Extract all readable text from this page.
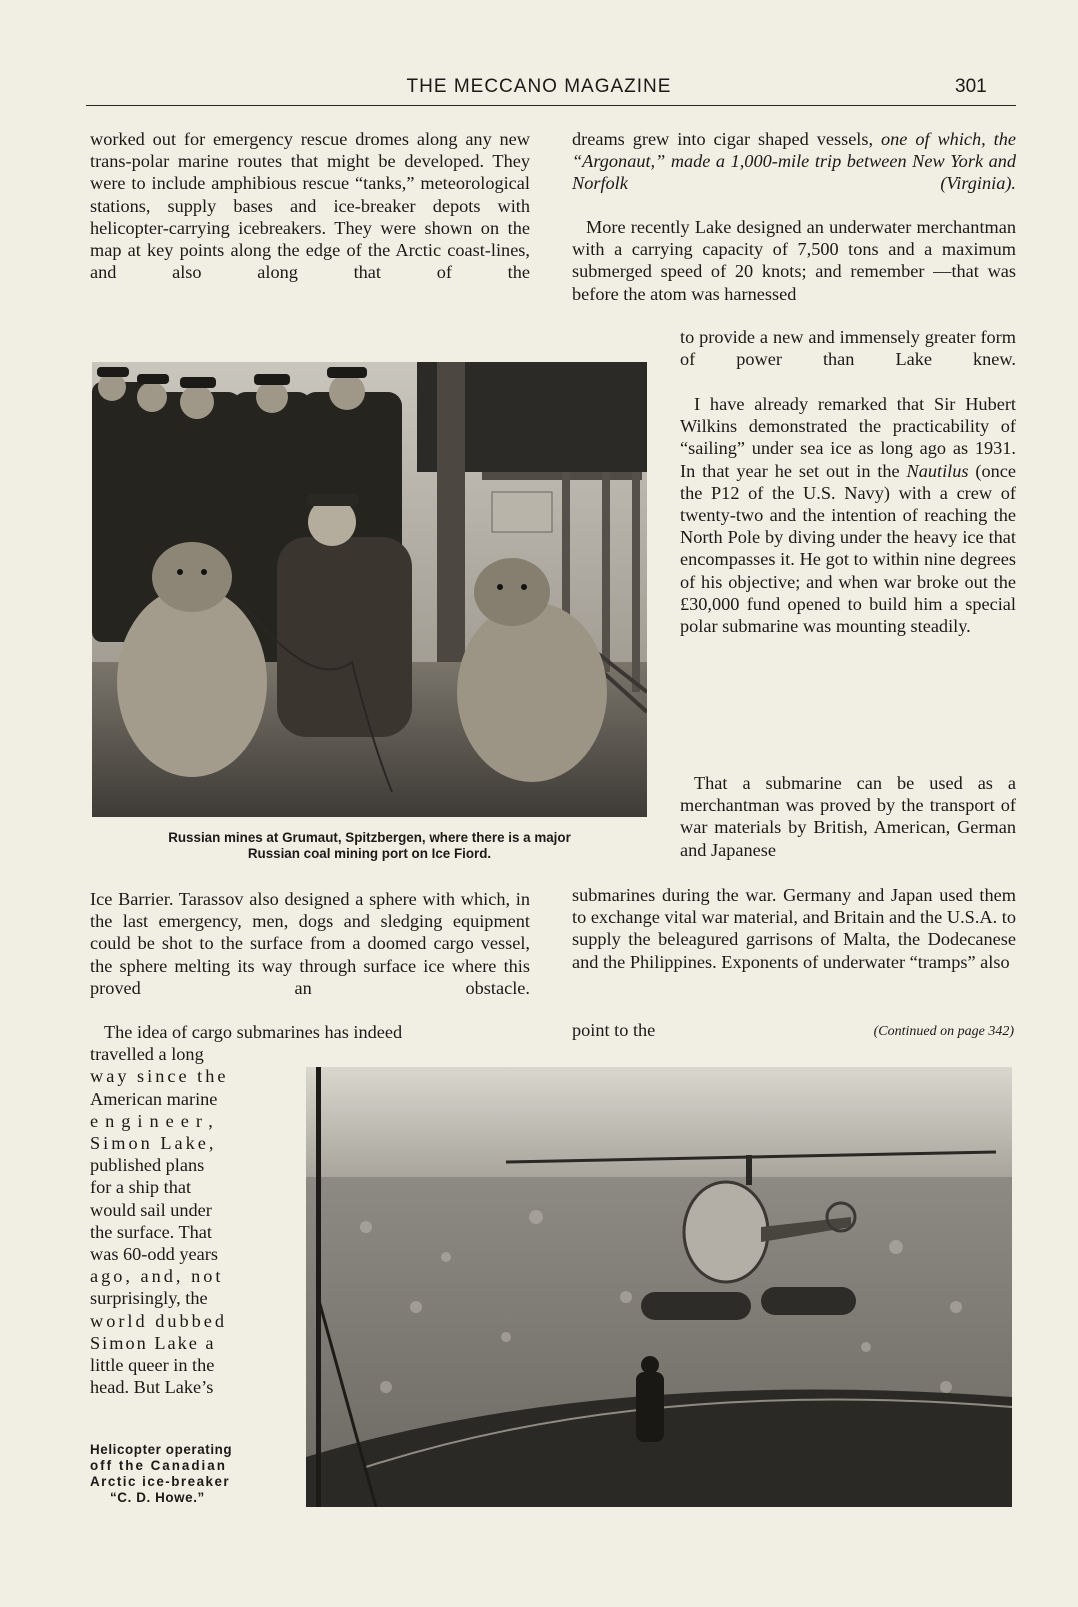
THE MECCANO MAGAZINE	301

worked out for emergency rescue dromes along any new trans-polar marine routes that might be developed. They were to include amphibious rescue “tanks,” meteorological stations, supply bases and ice-breaker depots with helicopter-carrying icebreakers. They were shown on the map at key points along the edge of the Arctic coast-lines, and also along that of the

Russian mines at Grumaut, Spitzbergen, where there is a major
Russian coal mining port on Ice Fiord.

Ice Barrier. Tarassov also designed a sphere with which, in the last emergency, men, dogs and sledging equipment could be shot to the surface from a doomed cargo vessel, the sphere melting its way through surface ice where this proved an obstacle.

The idea of cargo submarines has indeed
travelled a long
way since the
American marine
engineer,
Simon Lake,
published plans
for a ship that
would sail under
the surface. That
was 60-odd years
ago, and, not
surprisingly, the
world dubbed
Simon Lake a
little queer in the
head. But Lake’s
Helicopter operating
off the Canadian
Arctic ice-breaker
“C. D. Howe.”

dreams grew into cigar shaped vessels, one of which, the “Argonaut,” made a 1,000-mile trip between New York and Norfolk (Virginia).

More recently Lake designed an underwater merchantman with a carrying capacity of 7,500 tons and a maximum submerged speed of 20 knots; and remember —that was before the atom was harnessed

to provide a new and immensely greater form of power than Lake knew.

I have already remarked that Sir Hubert Wilkins demonstrated the practicability of “sailing” under sea ice as long ago as 1931. In that year he set out in the Nautilus (once the P12 of the U.S. Navy) with a crew of twenty-two and the intention of reaching the North Pole by diving under the heavy ice that encompasses it. He got to within nine degrees of his objective; and when war broke out the £30,000 fund opened to build him a special polar submarine was mounting steadily.

That a submarine can be used as a merchantman was proved by the transport of war materials by British, American, German and Japanese

submarines during the war. Germany and Japan used them to exchange vital war material, and Britain and the U.S.A. to supply the beleagured garrisons of Malta, the Dodecanese and the Philippines. Exponents of underwater “tramps” also

point to the	(Continued on page 342)
